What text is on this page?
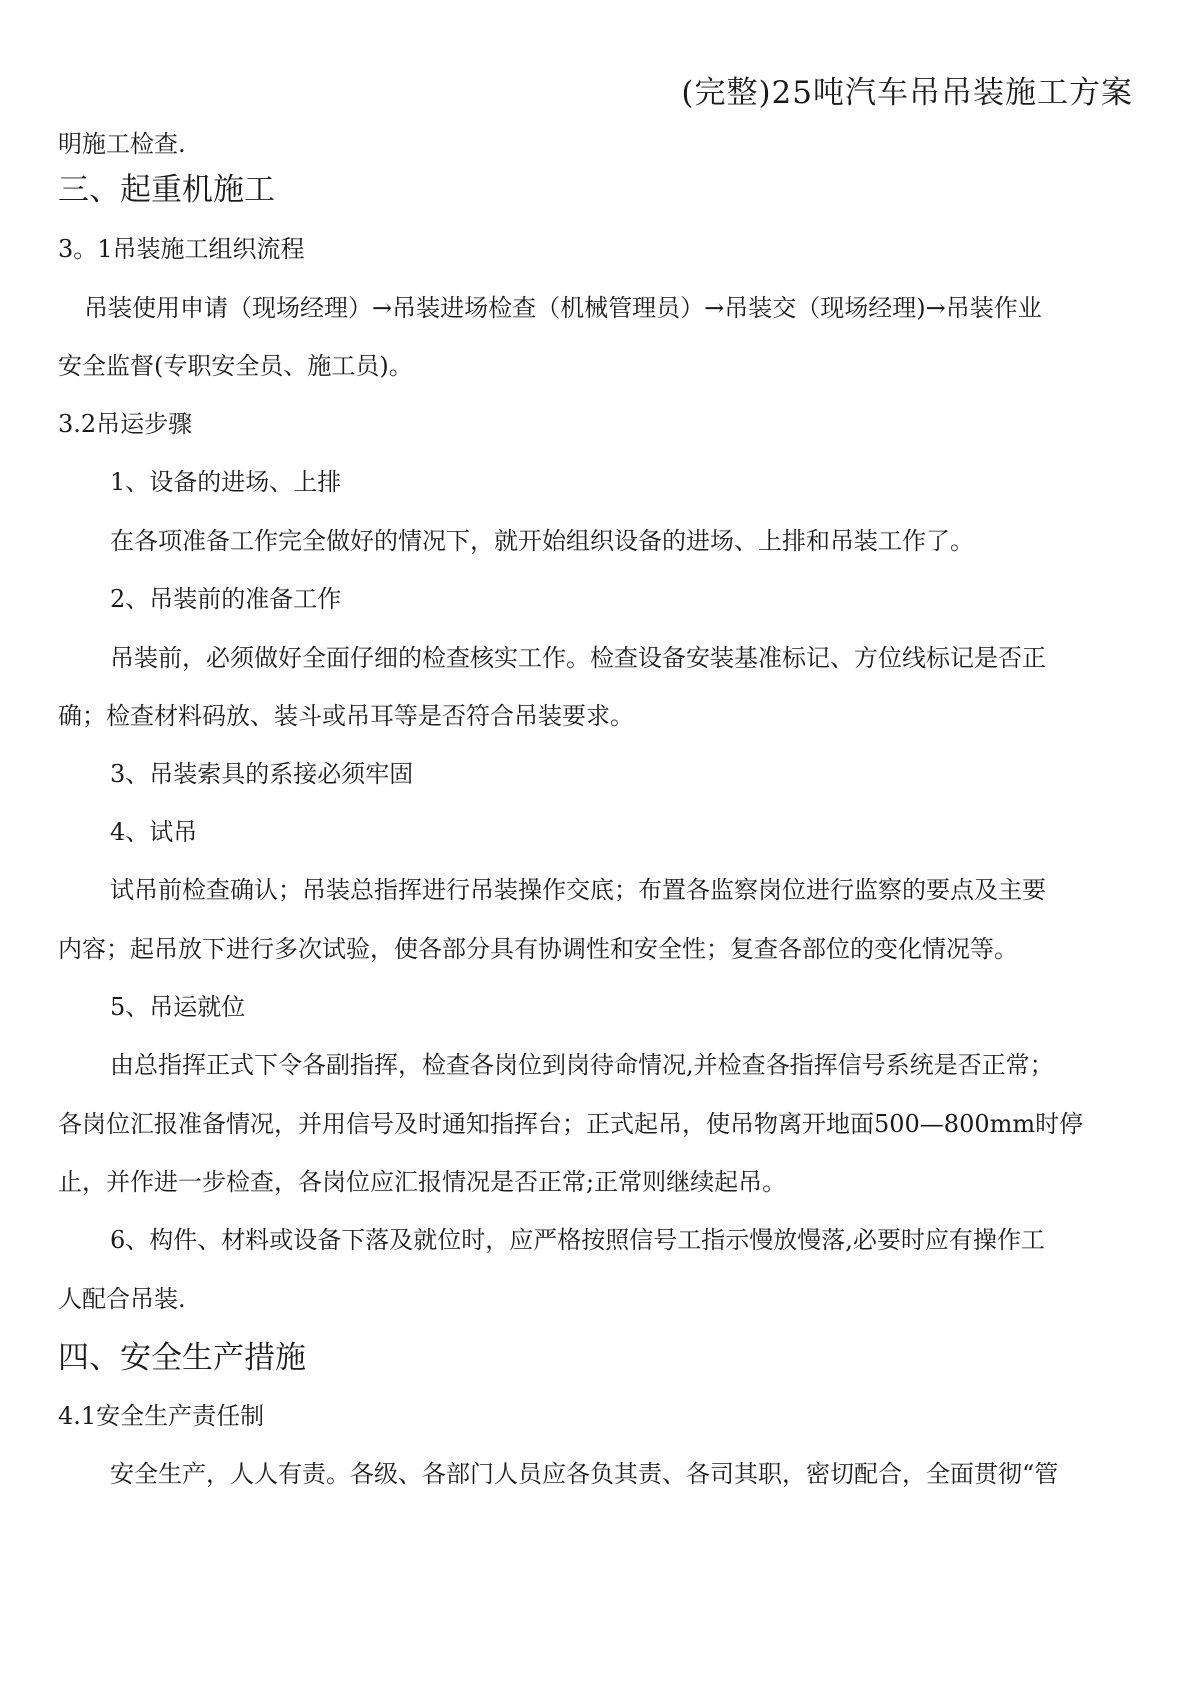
(完整)25吨汽车吊吊装施工方案

明施工检查.

三、起重机施工

3。1吊装施工组织流程

吊装使用申请（现场经理）→吊装进场检查（机械管理员）→吊装交（现场经理)→吊装作业

安全监督(专职安全员、施工员)。

3.2吊运步骤

1、设备的进场、上排

在各项准备工作完全做好的情况下，就开始组织设备的进场、上排和吊装工作了。

2、吊装前的准备工作

吊装前，必须做好全面仔细的检查核实工作。检查设备安装基准标记、方位线标记是否正

确；检查材料码放、装斗或吊耳等是否符合吊装要求。

3、吊装索具的系接必须牢固

4、试吊

试吊前检查确认；吊装总指挥进行吊装操作交底；布置各监察岗位进行监察的要点及主要

内容；起吊放下进行多次试验，使各部分具有协调性和安全性；复查各部位的变化情况等。

5、吊运就位

由总指挥正式下令各副指挥，检查各岗位到岗待命情况,并检查各指挥信号系统是否正常；

各岗位汇报准备情况，并用信号及时通知指挥台；正式起吊，使吊物离开地面500—800mm时停

止，并作进一步检查，各岗位应汇报情况是否正常;正常则继续起吊。

6、构件、材料或设备下落及就位时，应严格按照信号工指示慢放慢落,必要时应有操作工

人配合吊装.

四、安全生产措施

4.1安全生产责任制

安全生产，人人有责。各级、各部门人员应各负其责、各司其职，密切配合，全面贯彻“管
